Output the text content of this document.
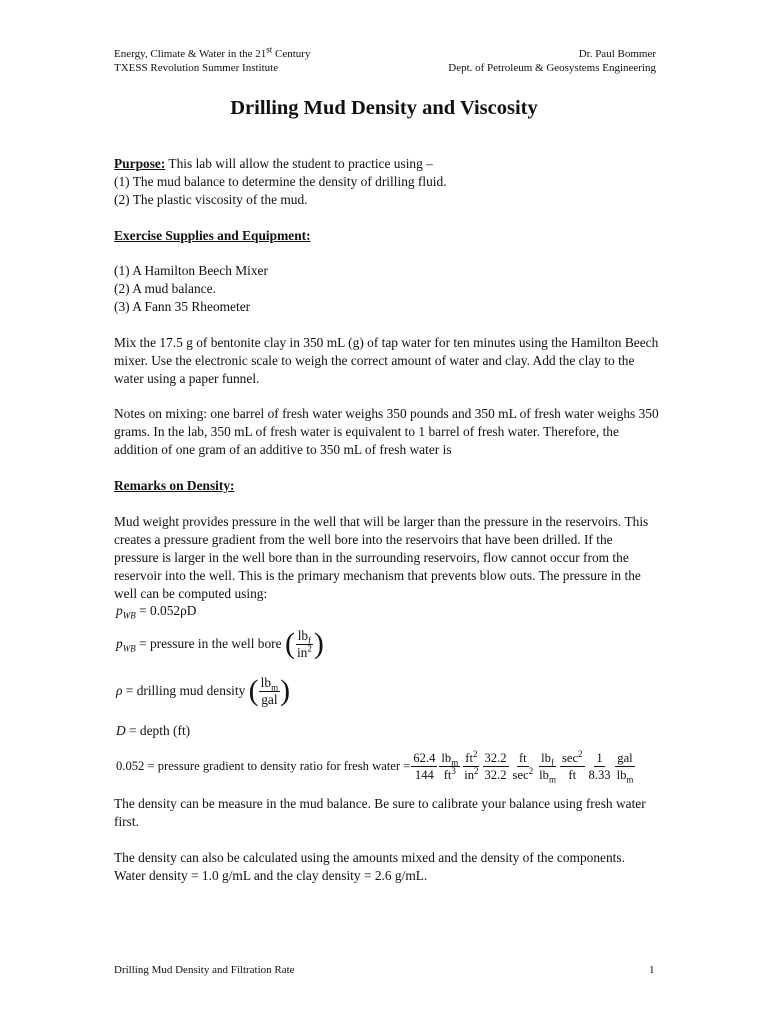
Energy, Climate & Water in the 21st Century
TXESS Revolution Summer Institute
Dr. Paul Bommer
Dept. of Petroleum & Geosystems Engineering
Drilling Mud Density and Viscosity
Purpose: This lab will allow the student to practice using –
(1) The mud balance to determine the density of drilling fluid.
(2) The plastic viscosity of the mud.
Exercise Supplies and Equipment:
(1) A Hamilton Beech Mixer
(2) A mud balance.
(3) A Fann 35 Rheometer
Mix the 17.5 g of bentonite clay in 350 mL (g) of tap water for ten minutes using the Hamilton Beech mixer. Use the electronic scale to weigh the correct amount of water and clay. Add the clay to the water using a paper funnel.
Notes on mixing: one barrel of fresh water weighs 350 pounds and 350 mL of fresh water weighs 350 grams. In the lab, 350 mL of fresh water is equivalent to 1 barrel of fresh water. Therefore, the addition of one gram of an additive to 350 mL of fresh water is
Remarks on Density:
Mud weight provides pressure in the well that will be larger than the pressure in the reservoirs. This creates a pressure gradient from the well bore into the reservoirs that have been drilled. If the pressure is larger in the well bore than in the surrounding reservoirs, flow cannot occur from the reservoir into the well. This is the primary mechanism that prevents blow outs. The pressure in the well can be computed using:
$p_{WB} = 0.052\rho D$
$p_{WB}$ = pressure in the well bore
( $\frac{lb_f}{in^2}$ )
ρ = drilling mud density
( $\frac{lb_m}{\text{gal}}$ )
D = depth (ft)
0.052 = pressure gradient to density ratio for fresh water = $\frac{62.4}{144} \frac{lb_m}{ft^3} \frac{ft^2}{in^2} \frac{32.2}{32.2} \frac{ft}{\sec^2} \frac{lb_f}{lb_m} \frac{\sec^2}{ft} \frac{1}{8.33} \frac{\text{gal}}{lb_m}$
The density can be measure in the mud balance. Be sure to calibrate your balance using fresh water first.
The density can also be calculated using the amounts mixed and the density of the components. Water density = 1.0 g/mL and the clay density = 2.6 g/mL.
Drilling Mud Density and Filtration Rate	1
